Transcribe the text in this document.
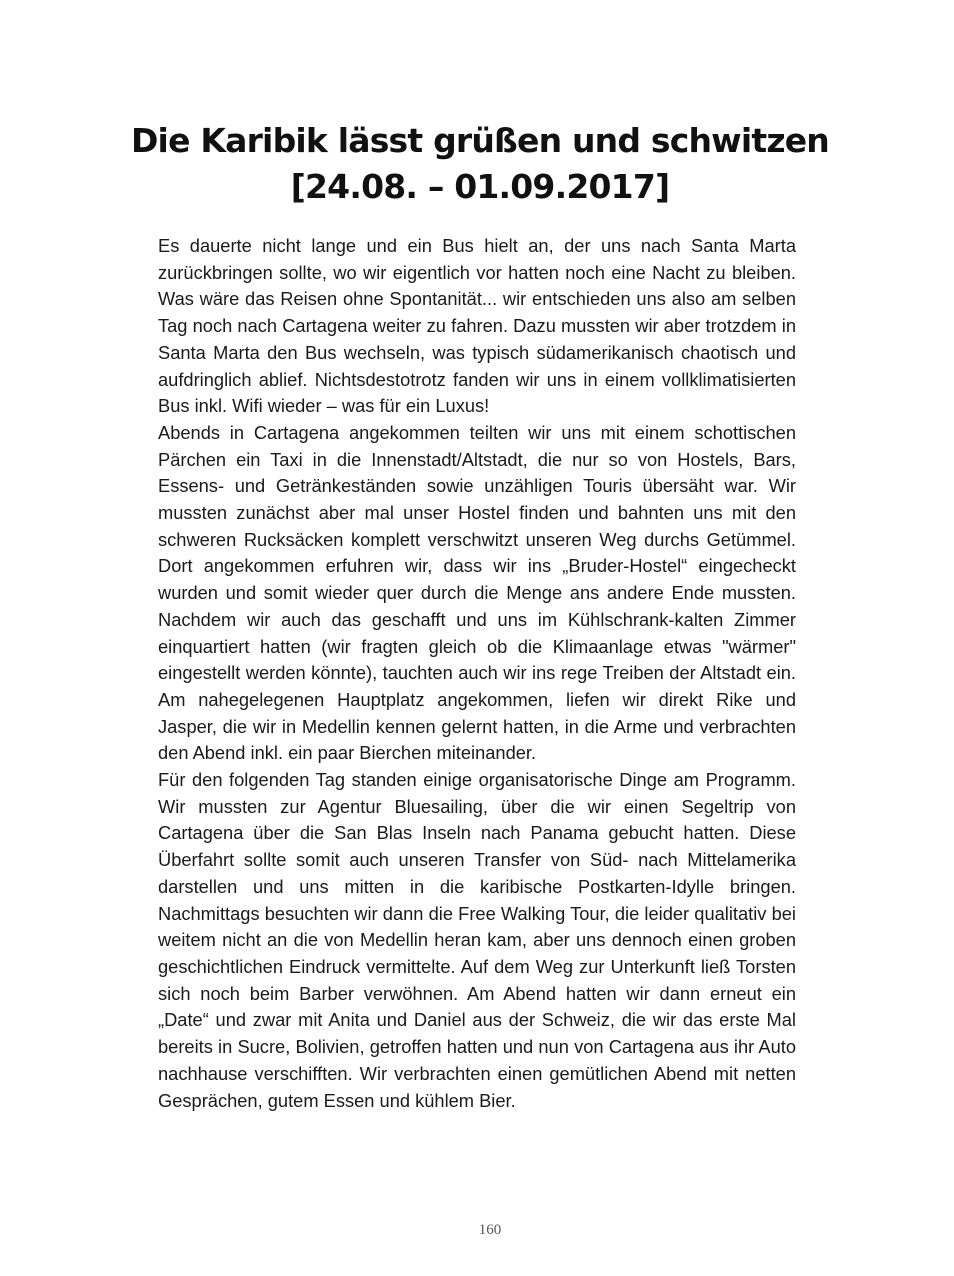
Die Karibik lässt grüßen und schwitzen
[24.08. – 01.09.2017]

Es dauerte nicht lange und ein Bus hielt an, der uns nach Santa Marta zurückbringen sollte, wo wir eigentlich vor hatten noch eine Nacht zu bleiben. Was wäre das Reisen ohne Spontanität... wir entschieden uns also am selben Tag noch nach Cartagena weiter zu fahren. Dazu mussten wir aber trotzdem in Santa Marta den Bus wechseln, was typisch südamerikanisch chaotisch und aufdringlich ablief. Nichtsdestotrotz fanden wir uns in einem vollklimatisierten Bus inkl. Wifi wieder – was für ein Luxus!

Abends in Cartagena angekommen teilten wir uns mit einem schottischen Pärchen ein Taxi in die Innenstadt/Altstadt, die nur so von Hostels, Bars, Essens- und Getränkeständen sowie unzähligen Touris übersäht war. Wir mussten zunächst aber mal unser Hostel finden und bahnten uns mit den schweren Rucksäcken komplett verschwitzt unseren Weg durchs Getümmel. Dort angekommen erfuhren wir, dass wir ins „Bruder-Hostel“ eingecheckt wurden und somit wieder quer durch die Menge ans andere Ende mussten. Nachdem wir auch das geschafft und uns im Kühlschrank-kalten Zimmer einquartiert hatten (wir fragten gleich ob die Klimaanlage etwas "wärmer" eingestellt werden könnte), tauchten auch wir ins rege Treiben der Altstadt ein. Am nahegelegenen Hauptplatz angekommen, liefen wir direkt Rike und Jasper, die wir in Medellin kennen gelernt hatten, in die Arme und verbrachten den Abend inkl. ein paar Bierchen miteinander.

Für den folgenden Tag standen einige organisatorische Dinge am Programm. Wir mussten zur Agentur Bluesailing, über die wir einen Segeltrip von Cartagena über die San Blas Inseln nach Panama gebucht hatten. Diese Überfahrt sollte somit auch unseren Transfer von Süd- nach Mittelamerika darstellen und uns mitten in die karibische Postkarten-Idylle bringen. Nachmittags besuchten wir dann die Free Walking Tour, die leider qualitativ bei weitem nicht an die von Medellin heran kam, aber uns dennoch einen groben geschichtlichen Eindruck vermittelte. Auf dem Weg zur Unterkunft ließ Torsten sich noch beim Barber verwöhnen. Am Abend hatten wir dann erneut ein „Date“ und zwar mit Anita und Daniel aus der Schweiz, die wir das erste Mal bereits in Sucre, Bolivien, getroffen hatten und nun von Cartagena aus ihr Auto nachhause verschifften. Wir verbrachten einen gemütlichen Abend mit netten Gesprächen, gutem Essen und kühlem Bier.

160
